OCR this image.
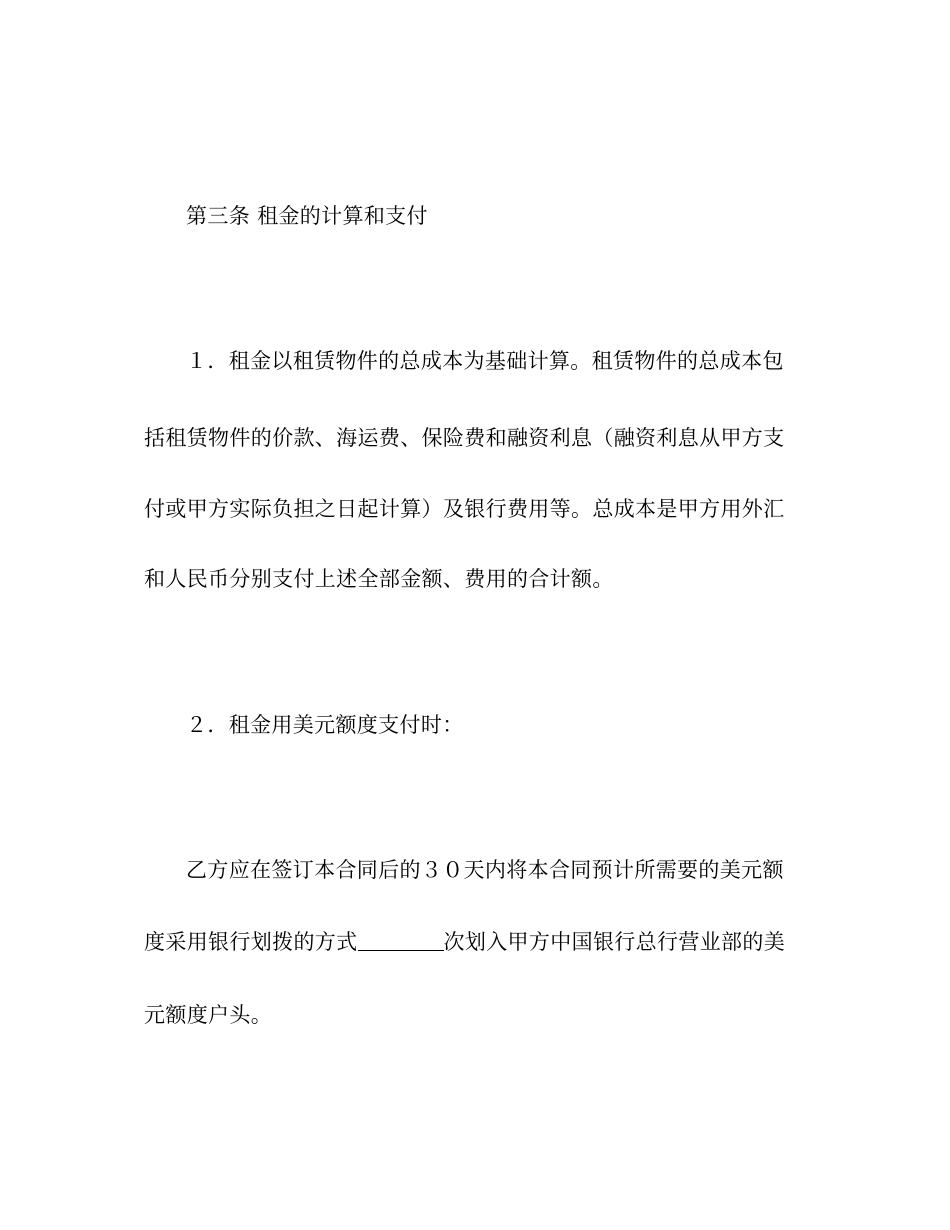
第三条 租金的计算和支付
１．租金以租赁物件的总成本为基础计算。租赁物件的总成本包
括租赁物件的价款、海运费、保险费和融资利息（融资利息从甲方支
付或甲方实际负担之日起计算）及银行费用等。总成本是甲方用外汇
和人民币分别支付上述全部金额、费用的合计额。
２．租金用美元额度支付时：
乙方应在签订本合同后的３０天内将本合同预计所需要的美元额
度采用银行划拨的方式	次划入甲方中国银行总行营业部的美
元额度户头。
